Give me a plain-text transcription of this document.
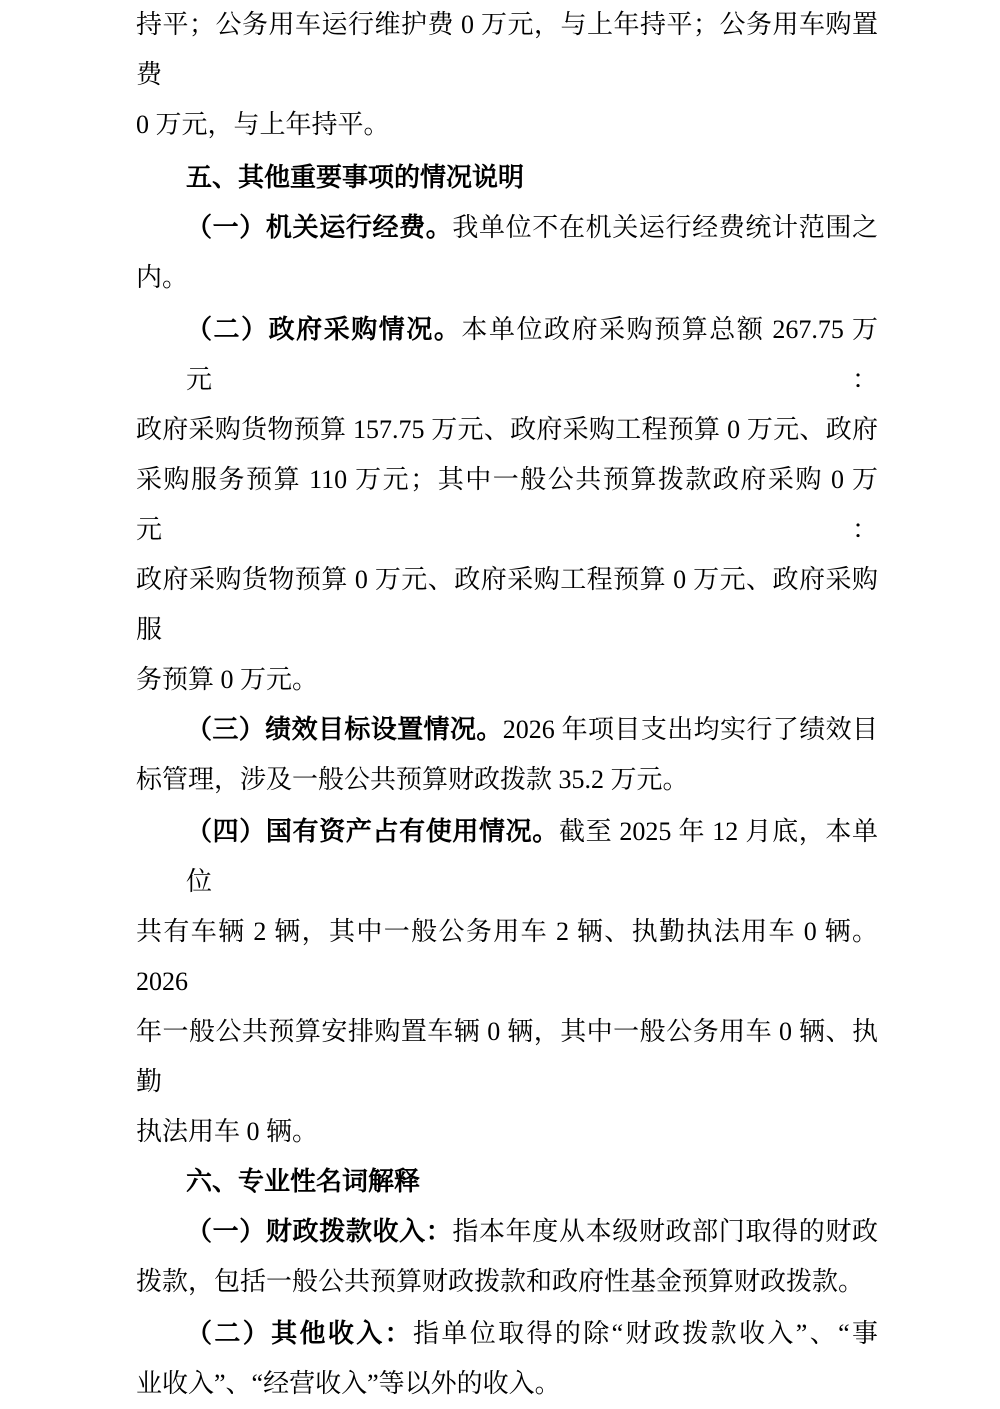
持平；公务用车运行维护费 0 万元，与上年持平；公务用车购置费
0 万元，与上年持平。
五、其他重要事项的情况说明
（一）机关运行经费。我单位不在机关运行经费统计范围之
内。
（二）政府采购情况。本单位政府采购预算总额 267.75 万元：
政府采购货物预算 157.75 万元、政府采购工程预算 0 万元、政府
采购服务预算 110 万元；其中一般公共预算拨款政府采购 0 万元：
政府采购货物预算 0 万元、政府采购工程预算 0 万元、政府采购服
务预算 0 万元。
（三）绩效目标设置情况。2026 年项目支出均实行了绩效目
标管理，涉及一般公共预算财政拨款 35.2 万元。
（四）国有资产占有使用情况。截至 2025 年 12 月底，本单位
共有车辆 2 辆，其中一般公务用车 2 辆、执勤执法用车 0 辆。2026
年一般公共预算安排购置车辆 0 辆，其中一般公务用车 0 辆、执勤
执法用车 0 辆。
六、专业性名词解释
（一）财政拨款收入：指本年度从本级财政部门取得的财政
拨款，包括一般公共预算财政拨款和政府性基金预算财政拨款。
（二）其他收入：指单位取得的除“财政拨款收入”、“事
业收入”、“经营收入”等以外的收入。
